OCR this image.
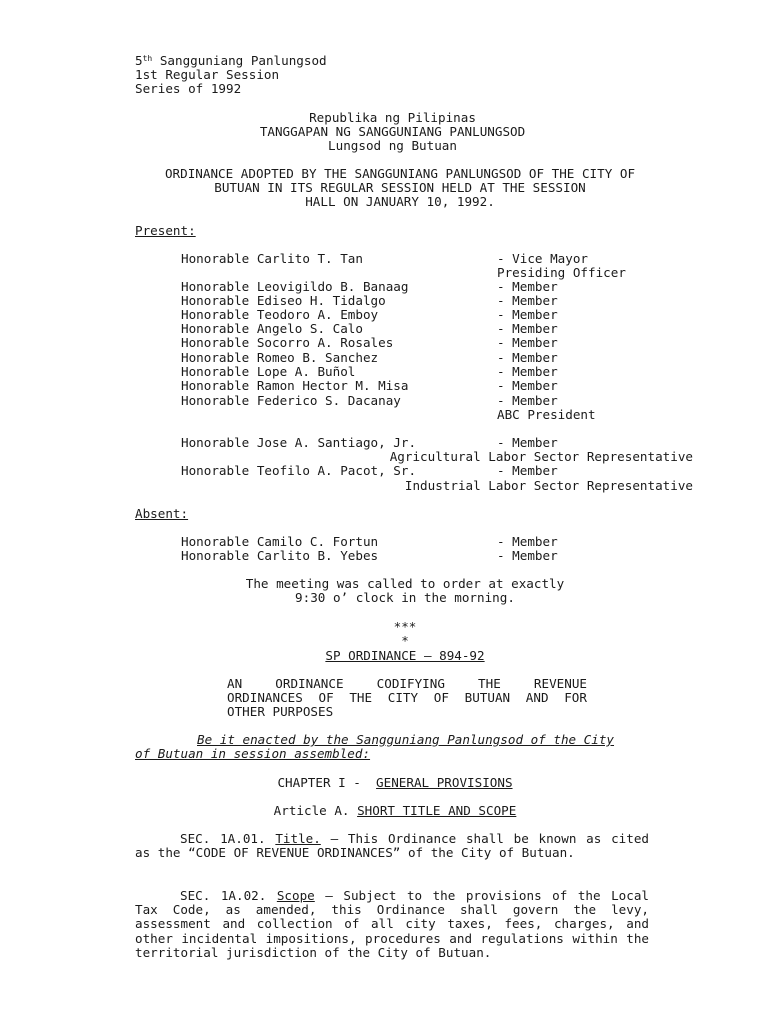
5th Sangguniang Panlungsod
1st Regular Session
Series of 1992
Republika ng Pilipinas
TANGGAPAN NG SANGGUNIANG PANLUNGSOD
Lungsod ng Butuan
ORDINANCE ADOPTED BY THE SANGGUNIANG PANLUNGSOD OF THE CITY OF
BUTUAN IN ITS REGULAR SESSION HELD AT THE SESSION
HALL ON JANUARY 10, 1992.
Present:
Honorable Carlito T. Tan	- Vice Mayor
Presiding Officer
Honorable Leovigildo B. Banaag	- Member
Honorable Ediseo H. Tidalgo	- Member
Honorable Teodoro A. Emboy	- Member
Honorable Angelo S. Calo	- Member
Honorable Socorro A. Rosales	- Member
Honorable Romeo B. Sanchez	- Member
Honorable Lope A. Buñol	- Member
Honorable Ramon Hector M. Misa	- Member
Honorable Federico S. Dacanay	- Member
ABC President
Honorable Jose A. Santiago, Jr.	- Member
Agricultural Labor Sector Representative
Honorable Teofilo A. Pacot, Sr.	- Member
Industrial Labor Sector Representative
Absent:
Honorable Camilo C. Fortun	- Member
Honorable Carlito B. Yebes	- Member
The meeting was called to order at exactly
9:30 o’ clock in the morning.
***
*
SP ORDINANCE – 894-92
AN	ORDINANCE	CODIFYING	THE	REVENUE
ORDINANCES OF THE CITY OF BUTUAN AND FOR
OTHER PURPOSES
Be it enacted by the Sangguniang Panlungsod of the City
of Butuan in session assembled:
CHAPTER I - GENERAL PROVISIONS
Article A. SHORT TITLE AND SCOPE

SEC. 1A.01. Title. – This Ordinance shall be known as cited as the “CODE OF REVENUE ORDINANCES” of the City of Butuan.

SEC. 1A.02. Scope – Subject to the provisions of the Local Tax Code, as amended, this Ordinance shall govern the levy, assessment and collection of all city taxes, fees, charges, and other incidental impositions, procedures and regulations within the territorial jurisdiction of the City of Butuan.
